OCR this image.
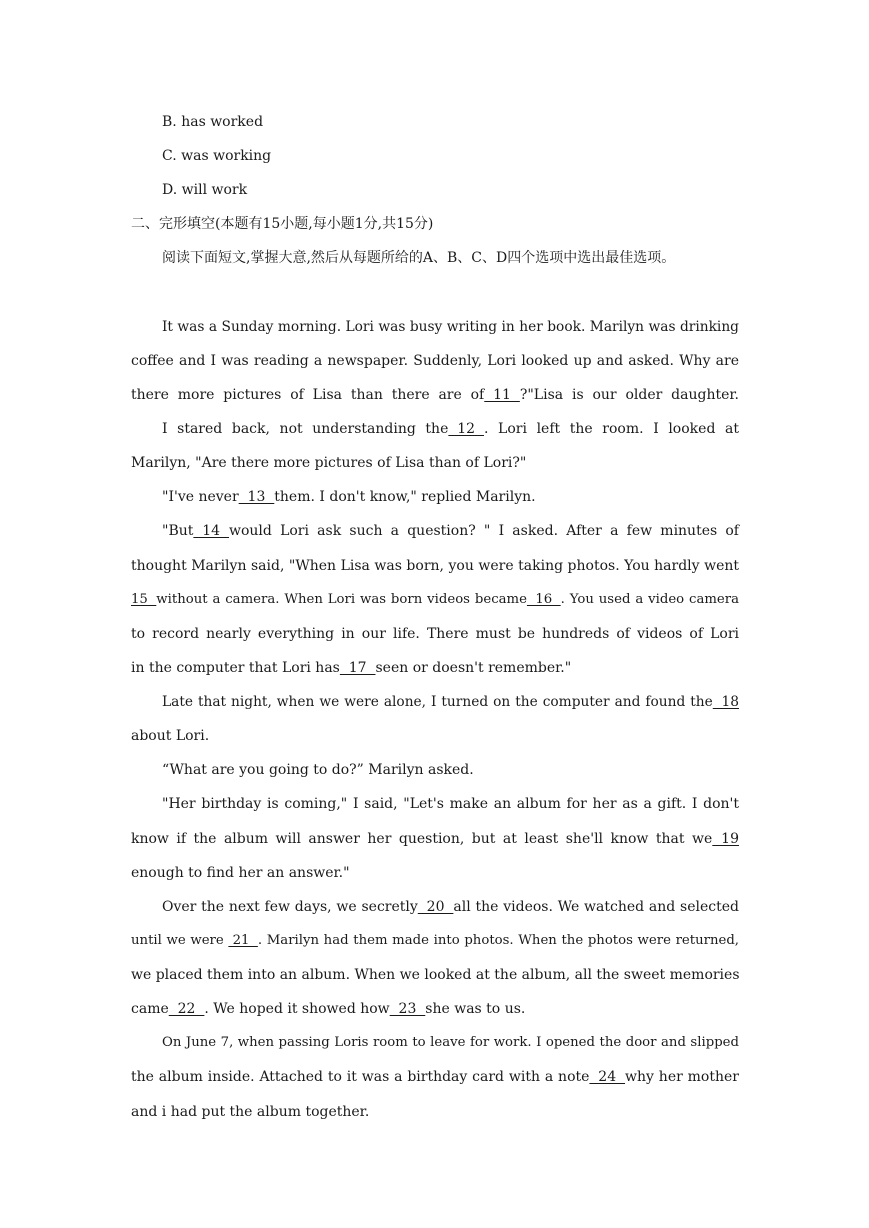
B. has worked
C. was working
D. will work
二、完形填空(本题有15小题,每小题1分,共15分)
阅读下面短文,掌握大意,然后从每题所给的A、B、C、D四个选项中选出最佳选项。
It was a Sunday morning. Lori was busy writing in her book. Marilyn was drinking
coffee and I was reading a newspaper. Suddenly, Lori looked up and asked. Why are
there more pictures of Lisa than there are of  11  ?"Lisa is our older daughter.
I stared back, not understanding the  12  . Lori left the room. I looked at
Marilyn, "Are there more pictures of Lisa than of Lori?"
"I've never  13  them. I don't know," replied Marilyn.
"But  14  would Lori ask such a question? " I asked. After a few minutes of
thought Marilyn said, "When Lisa was born, you were taking photos. You hardly went
15  without a camera. When Lori was born videos became  16  . You used a video camera
to record nearly everything in our life. There must be hundreds of videos of Lori
in the computer that Lori has  17  seen or doesn't remember."
Late that night, when we were alone, I turned on the computer and found the  18
about Lori.
“What are you going to do?” Marilyn asked.
"Her birthday is coming," I said, "Let's make an album for her as a gift. I don't
know if the album will answer her question, but at least she'll know that we  19
enough to find her an answer."
Over the next few days, we secretly  20  all the videos. We watched and selected
until we were  21  . Marilyn had them made into photos. When the photos were returned,
we placed them into an album. When we looked at the album, all the sweet memories
came  22  . We hoped it showed how  23  she was to us.
On June 7, when passing Loris room to leave for work. I opened the door and slipped
the album inside. Attached to it was a birthday card with a note  24  why her mother
and i had put the album together.
